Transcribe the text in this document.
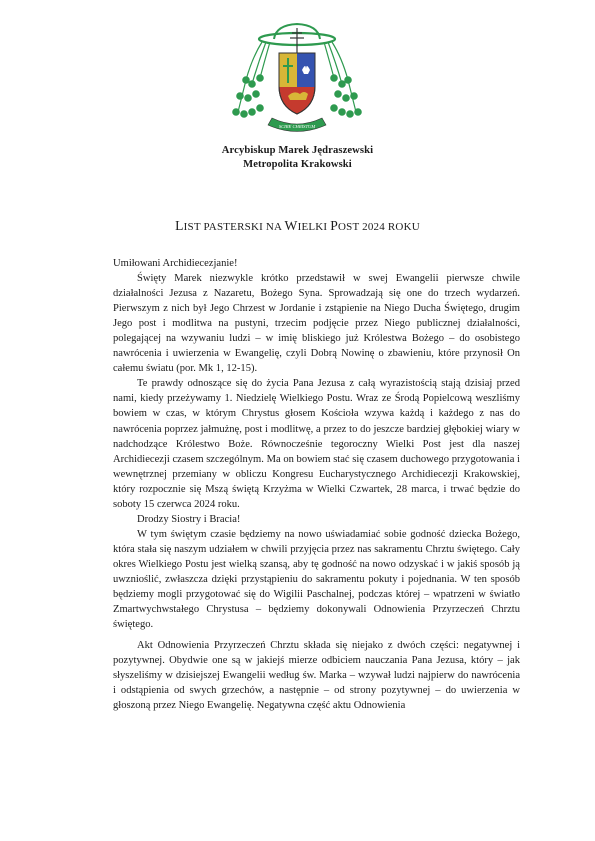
SCIRE CHRISTUM
Arcybiskup Marek Jędraszewski
Metropolita Krakowski
LIST PASTERSKI NA WIELKI POST 2024 ROKU

Umiłowani Archidiecezjanie!

Święty Marek niezwykle krótko przedstawił w swej Ewangelii pierwsze chwile działalności Jezusa z Nazaretu, Bożego Syna. Sprowadzają się one do trzech wydarzeń. Pierwszym z nich był Jego Chrzest w Jordanie i zstąpienie na Niego Ducha Świętego, drugim Jego post i modlitwa na pustyni, trzecim podjęcie przez Niego publicznej działalności, polegającej na wzywaniu ludzi – w imię bliskiego już Królestwa Bożego – do osobistego nawrócenia i uwierzenia w Ewangelię, czyli Dobrą Nowinę o zbawieniu, które przynosił On całemu światu (por. Mk 1, 12-15).

Te prawdy odnoszące się do życia Pana Jezusa z całą wyrazistością stają dzisiaj przed nami, kiedy przeżywamy 1. Niedzielę Wielkiego Postu. Wraz ze Środą Popielcową weszliśmy bowiem w czas, w którym Chrystus głosem Kościoła wzywa każdą i każdego z nas do nawrócenia poprzez jałmużnę, post i modlitwę, a przez to do jeszcze bardziej głębokiej wiary w nadchodzące Królestwo Boże. Równocześnie tegoroczny Wielki Post jest dla naszej Archidiecezji czasem szczególnym. Ma on bowiem stać się czasem duchowego przygotowania i wewnętrznej przemiany w obliczu Kongresu Eucharystycznego Archidiecezji Krakowskiej, który rozpocznie się Mszą świętą Krzyżma w Wielki Czwartek, 28 marca, i trwać będzie do soboty 15 czerwca 2024 roku.

Drodzy Siostry i Bracia!

W tym świętym czasie będziemy na nowo uświadamiać sobie godność dziecka Bożego, która stała się naszym udziałem w chwili przyjęcia przez nas sakramentu Chrztu świętego. Cały okres Wielkiego Postu jest wielką szansą, aby tę godność na nowo odzyskać i w jakiś sposób ją uwznioślić, zwłaszcza dzięki przystąpieniu do sakramentu pokuty i pojednania. W ten sposób będziemy mogli przygotować się do Wigilii Paschalnej, podczas której – wpatrzeni w światło Zmartwychwstałego Chrystusa – będziemy dokonywali Odnowienia Przyrzeczeń Chrztu świętego.

Akt Odnowienia Przyrzeczeń Chrztu składa się niejako z dwóch części: negatywnej i pozytywnej. Obydwie one są w jakiejś mierze odbiciem nauczania Pana Jezusa, który – jak słyszeliśmy w dzisiejszej Ewangelii według św. Marka – wzywał ludzi najpierw do nawrócenia i odstąpienia od swych grzechów, a następnie – od strony pozytywnej – do uwierzenia w głoszoną przez Niego Ewangelię. Negatywna część aktu Odnowienia
